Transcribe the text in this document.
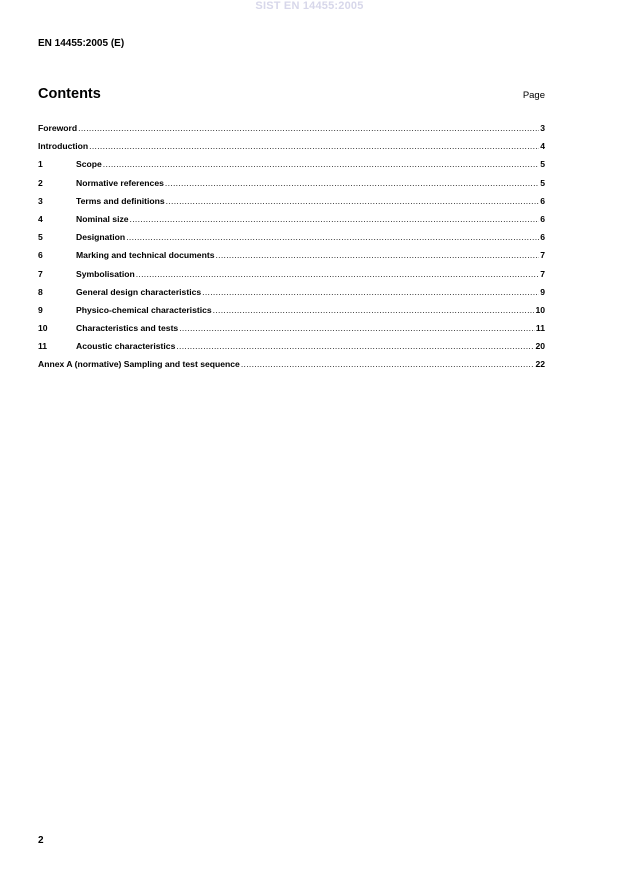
SIST EN 14455:2005
EN 14455:2005 (E)
Contents	Page
Foreword .....	3
Introduction .....	4
1	Scope .....	5
2	Normative references .....	5
3	Terms and definitions .....	6
4	Nominal size .....	6
5	Designation .....	6
6	Marking and technical documents .....	7
7	Symbolisation .....	7
8	General design characteristics .....	9
9	Physico-chemical characteristics .....	10
10	Characteristics and tests .....	11
11	Acoustic characteristics .....	20
Annex A (normative) Sampling and test sequence .....	22
2
